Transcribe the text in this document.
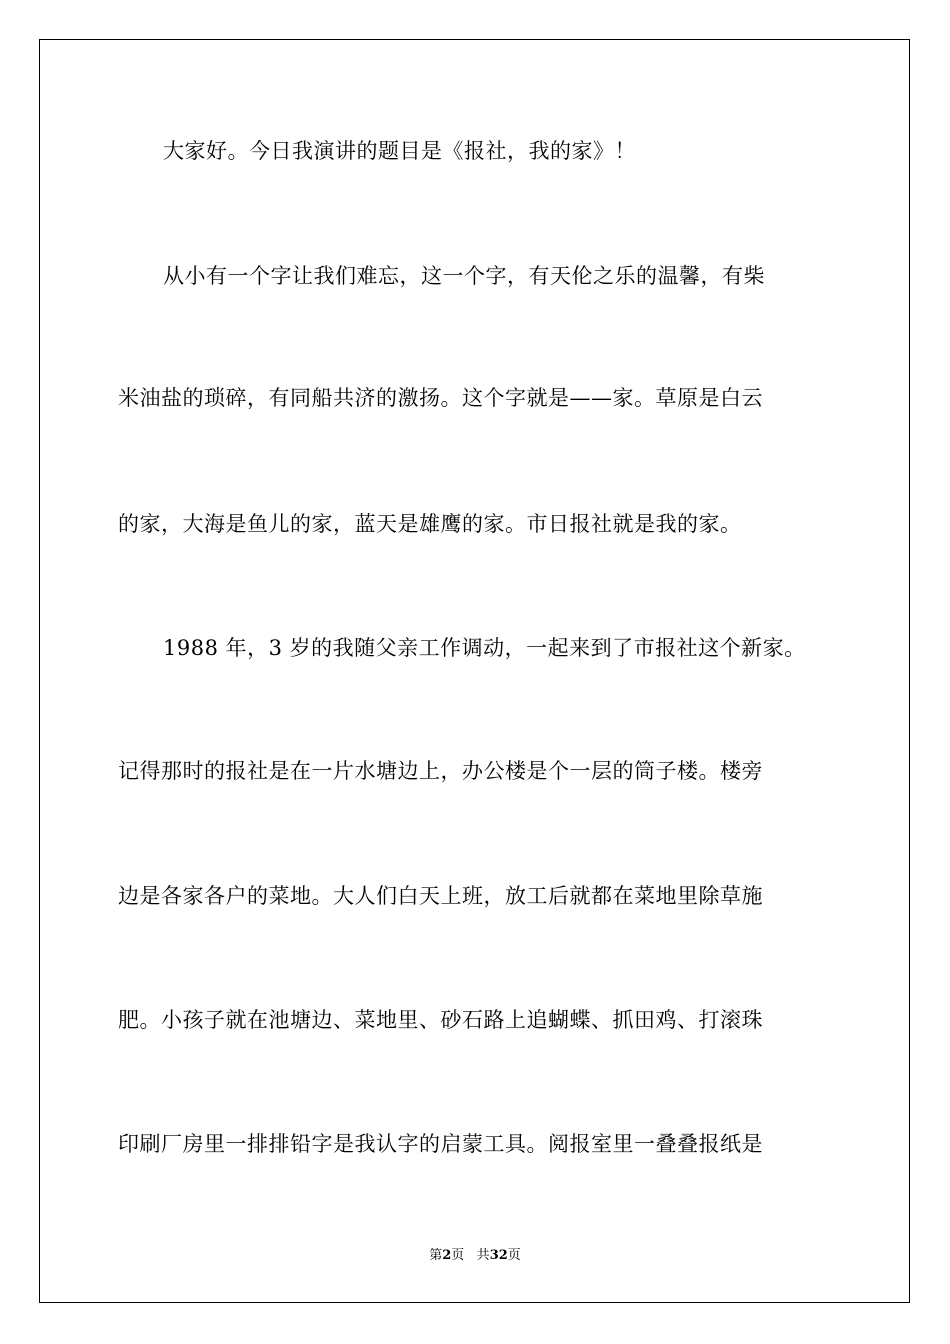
大家好。今日我演讲的题目是《报社，我的家》！
从小有一个字让我们难忘，这一个字，有天伦之乐的温馨，有柴
米油盐的琐碎，有同船共济的激扬。这个字就是——家。草原是白云
的家，大海是鱼儿的家，蓝天是雄鹰的家。市日报社就是我的家。
1988 年，3 岁的我随父亲工作调动，一起来到了市报社这个新家。
记得那时的报社是在一片水塘边上，办公楼是个一层的筒子楼。楼旁
边是各家各户的菜地。大人们白天上班，放工后就都在菜地里除草施
肥。小孩子就在池塘边、菜地里、砂石路上追蝴蝶、抓田鸡、打滚珠
印刷厂房里一排排铅字是我认字的启蒙工具。阅报室里一叠叠报纸是
第2页 共32页
